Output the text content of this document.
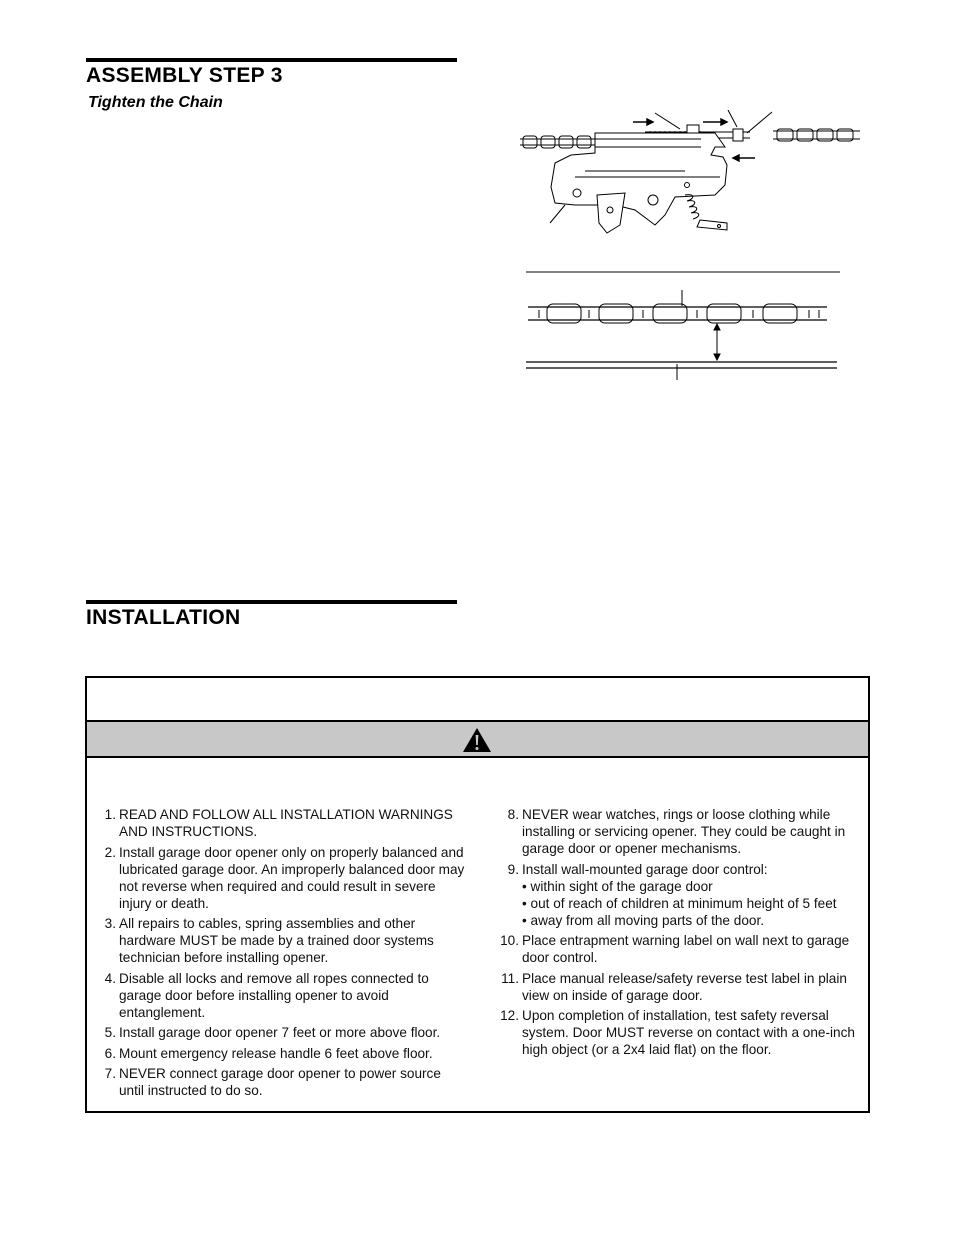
ASSEMBLY STEP 3
Tighten the Chain
INSTALLATION
1. READ AND FOLLOW ALL INSTALLATION WARNINGS AND INSTRUCTIONS.
2. Install garage door opener only on properly balanced and lubricated garage door. An improperly balanced door may not reverse when required and could result in severe injury or death.
3. All repairs to cables, spring assemblies and other hardware MUST be made by a trained door systems technician before installing opener.
4. Disable all locks and remove all ropes connected to garage door before installing opener to avoid entanglement.
5. Install garage door opener 7 feet or more above floor.
6. Mount emergency release handle 6 feet above floor.
7. NEVER connect garage door opener to power source until instructed to do so.
8. NEVER wear watches, rings or loose clothing while installing or servicing opener. They could be caught in garage door or opener mechanisms.
9. Install wall-mounted garage door control:
• within sight of the garage door
• out of reach of children at minimum height of 5 feet
• away from all moving parts of the door.
10. Place entrapment warning label on wall next to garage door control.
11. Place manual release/safety reverse test label in plain view on inside of garage door.
12. Upon completion of installation, test safety reversal system. Door MUST reverse on contact with a one-inch high object (or a 2x4 laid flat) on the floor.
